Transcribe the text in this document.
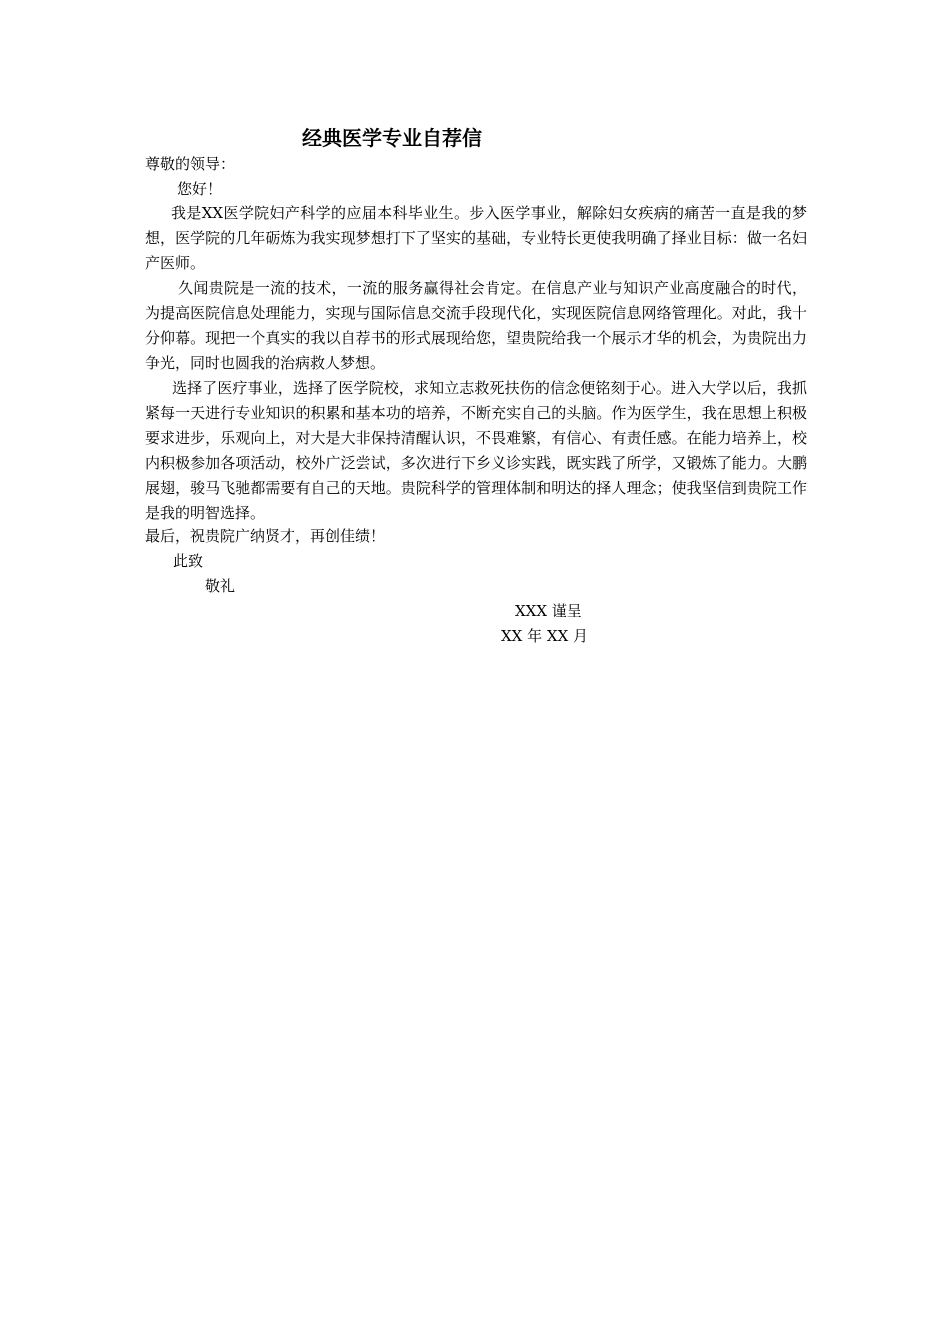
经典医学专业自荐信
尊敬的领导：
您好！
我是XX医学院妇产科学的应届本科毕业生。步入医学事业，解除妇女疾病的痛苦一直是我的梦想，医学院的几年砺炼为我实现梦想打下了坚实的基础，专业特长更使我明确了择业目标：做一名妇产医师。
久闻贵院是一流的技术，一流的服务赢得社会肯定。在信息产业与知识产业高度融合的时代，为提高医院信息处理能力，实现与国际信息交流手段现代化，实现医院信息网络管理化。对此，我十分仰幕。现把一个真实的我以自荐书的形式展现给您，望贵院给我一个展示才华的机会，为贵院出力争光，同时也圆我的治病救人梦想。
选择了医疗事业，选择了医学院校，求知立志救死扶伤的信念便铭刻于心。进入大学以后，我抓紧每一天进行专业知识的积累和基本功的培养，不断充实自己的头脑。作为医学生，我在思想上积极要求进步，乐观向上，对大是大非保持清醒认识，不畏难繁，有信心、有责任感。在能力培养上，校内积极参加各项活动，校外广泛尝试，多次进行下乡义诊实践，既实践了所学，又锻炼了能力。大鹏展翅，骏马飞驰都需要有自己的天地。贵院科学的管理体制和明达的择人理念；使我坚信到贵院工作是我的明智选择。
最后，祝贵院广纳贤才，再创佳绩！
此致
敬礼
XXX 谨呈
XX 年 XX 月
